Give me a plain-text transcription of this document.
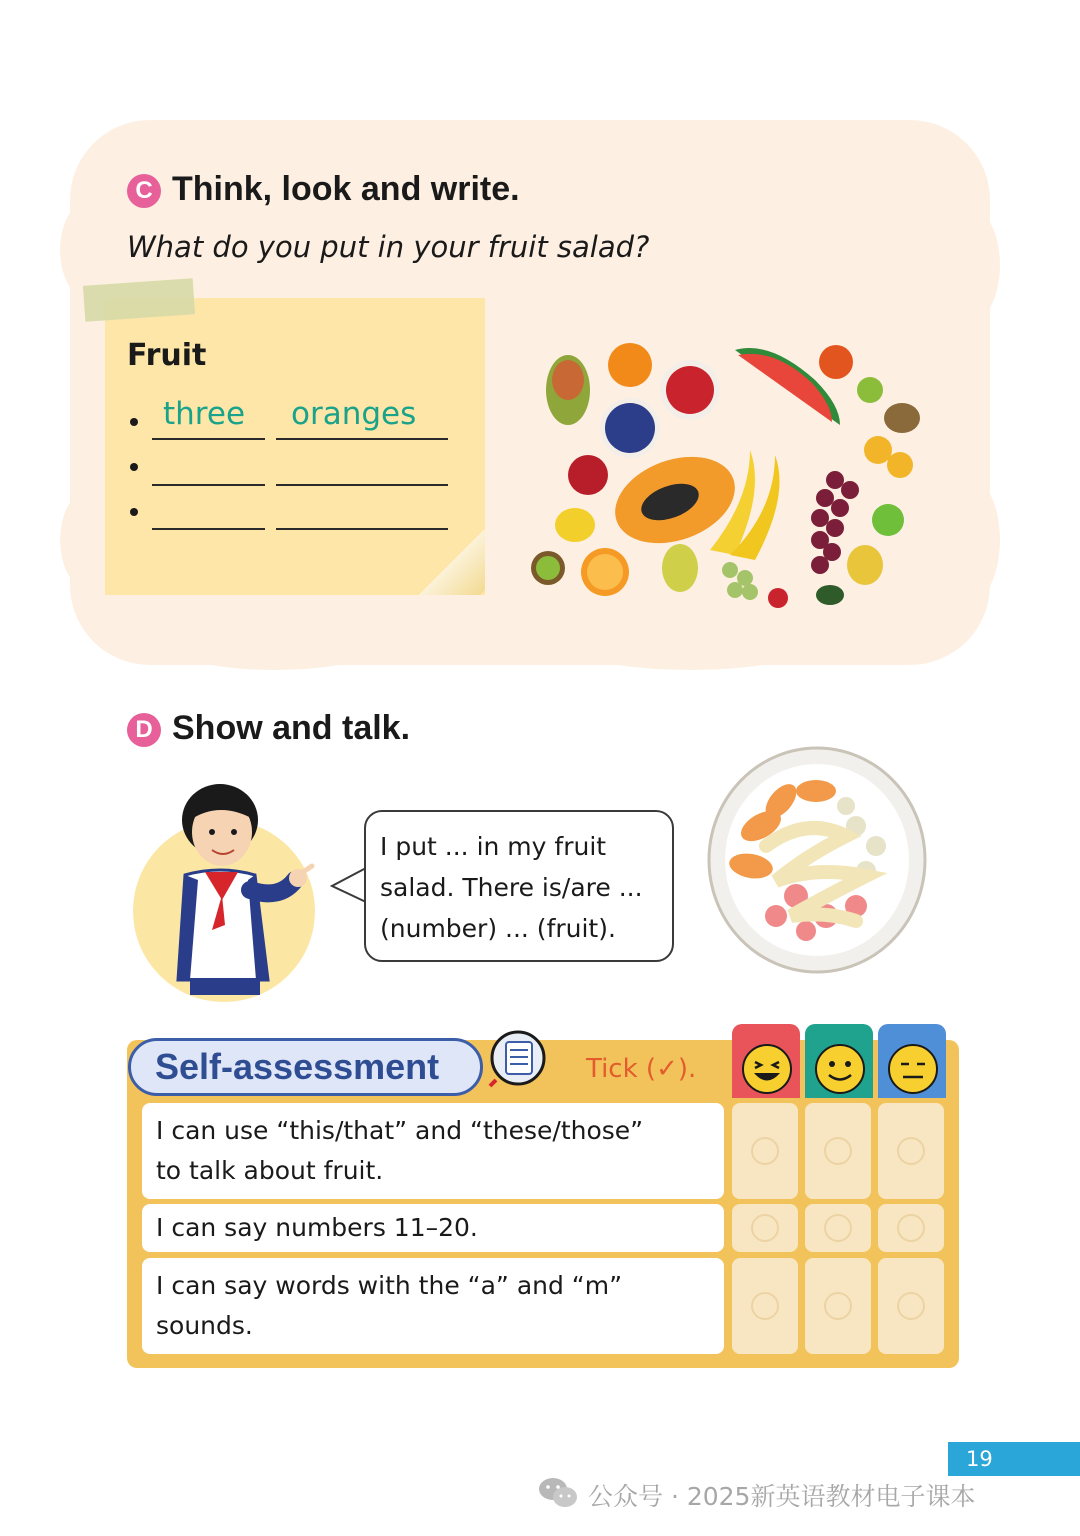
C Think, look and write.
What do you put in your fruit salad?
Fruit
three oranges
D Show and talk.
I put ... in my fruit
salad. There is/are ...
(number) ... (fruit).
Self-assessment	Tick (✓).
I can use “this/that” and “these/those”
to talk about fruit.
I can say numbers 11–20.
I can say words with the “a” and “m”
sounds.
19
公众号 · 2025新英语教材电子课本
